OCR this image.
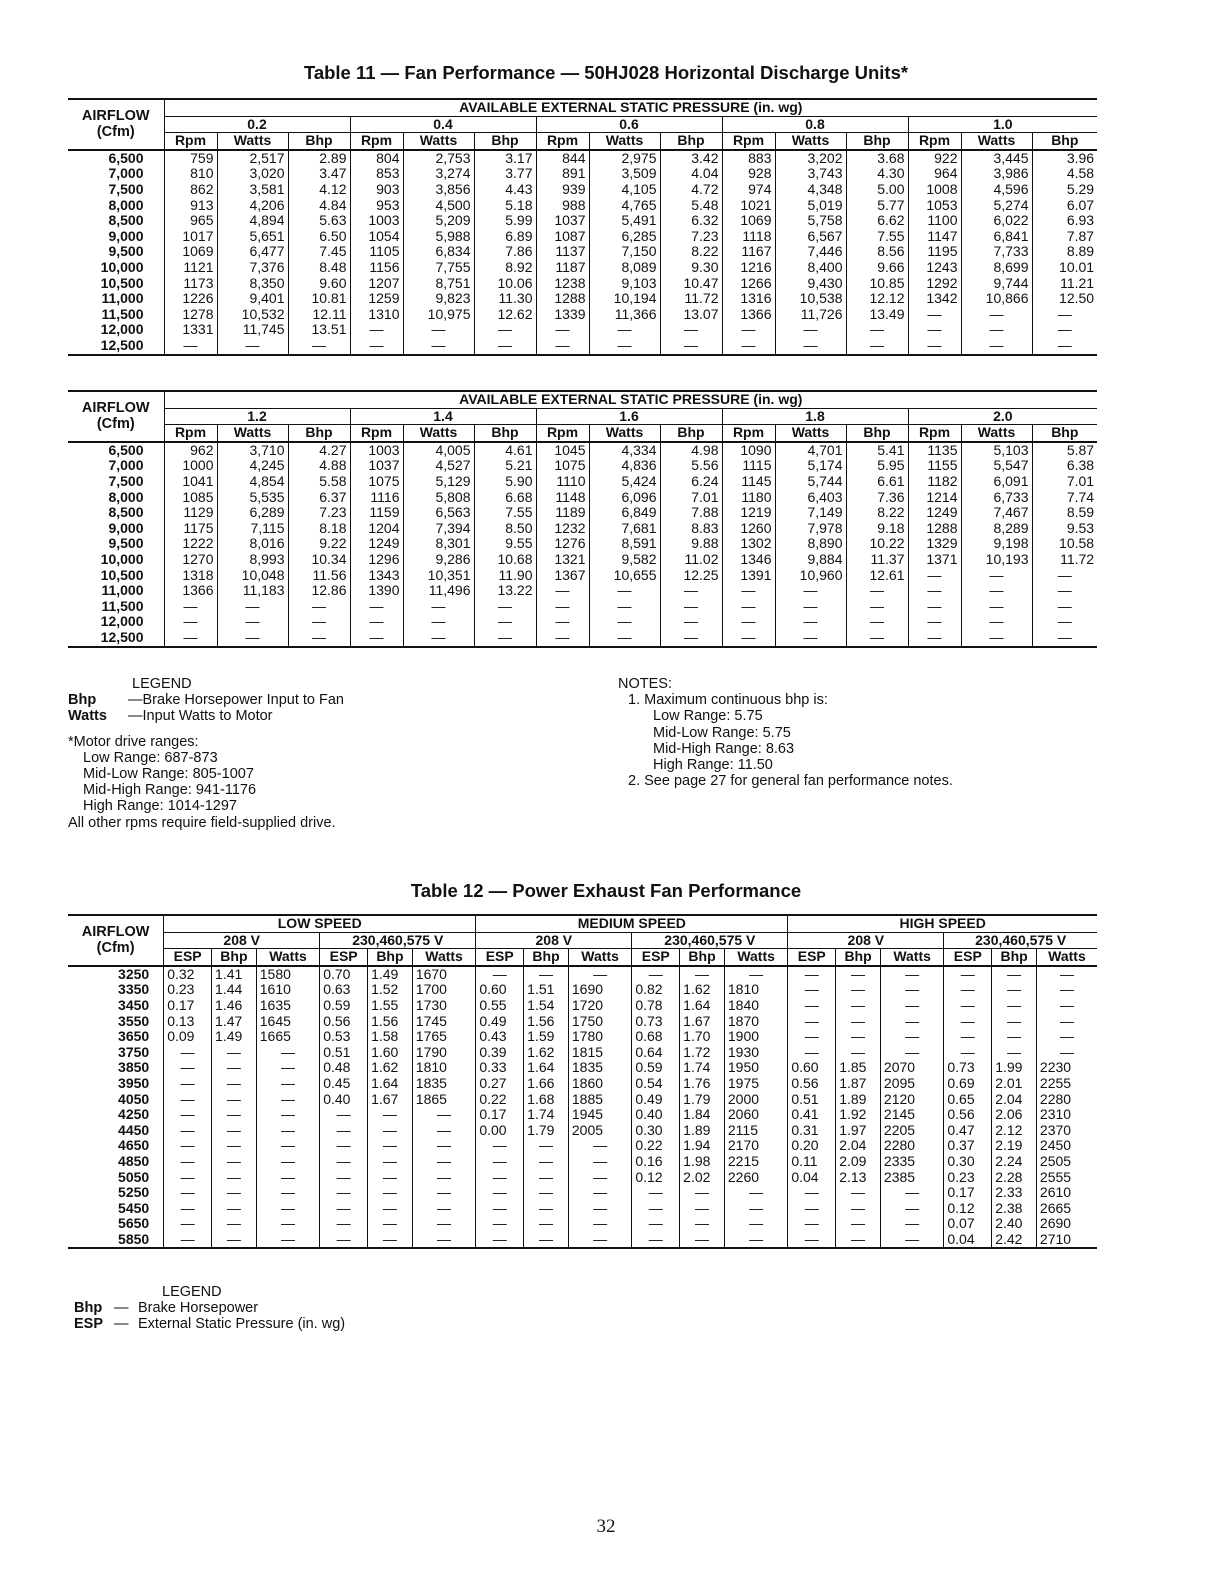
Table 11 — Fan Performance — 50HJ028 Horizontal Discharge Units*
AIRFLOW
(Cfm)	AVAILABLE EXTERNAL STATIC PRESSURE (in. wg)														
	0.2			0.4			0.6			0.8			1.0		
	Rpm	Watts	Bhp	Rpm	Watts	Bhp	Rpm	Watts	Bhp	Rpm	Watts	Bhp	Rpm	Watts	Bhp
6,500	759	2,517	2.89	804	2,753	3.17	844	2,975	3.42	883	3,202	3.68	922	3,445	3.96
7,000	810	3,020	3.47	853	3,274	3.77	891	3,509	4.04	928	3,743	4.30	964	3,986	4.58
7,500	862	3,581	4.12	903	3,856	4.43	939	4,105	4.72	974	4,348	5.00	1008	4,596	5.29
8,000	913	4,206	4.84	953	4,500	5.18	988	4,765	5.48	1021	5,019	5.77	1053	5,274	6.07
8,500	965	4,894	5.63	1003	5,209	5.99	1037	5,491	6.32	1069	5,758	6.62	1100	6,022	6.93
9,000	1017	5,651	6.50	1054	5,988	6.89	1087	6,285	7.23	1118	6,567	7.55	1147	6,841	7.87
9,500	1069	6,477	7.45	1105	6,834	7.86	1137	7,150	8.22	1167	7,446	8.56	1195	7,733	8.89
10,000	1121	7,376	8.48	1156	7,755	8.92	1187	8,089	9.30	1216	8,400	9.66	1243	8,699	10.01
10,500	1173	8,350	9.60	1207	8,751	10.06	1238	9,103	10.47	1266	9,430	10.85	1292	9,744	11.21
11,000	1226	9,401	10.81	1259	9,823	11.30	1288	10,194	11.72	1316	10,538	12.12	1342	10,866	12.50
11,500	1278	10,532	12.11	1310	10,975	12.62	1339	11,366	13.07	1366	11,726	13.49	—	—	—
12,000	1331	11,745	13.51	—	—	—	—	—	—	—	—	—	—	—	—
12,500	—	—	—	—	—	—	—	—	—	—	—	—	—	—	—
AIRFLOW
(Cfm)	AVAILABLE EXTERNAL STATIC PRESSURE (in. wg)														
	1.2			1.4			1.6			1.8			2.0		
	Rpm	Watts	Bhp	Rpm	Watts	Bhp	Rpm	Watts	Bhp	Rpm	Watts	Bhp	Rpm	Watts	Bhp
6,500	962	3,710	4.27	1003	4,005	4.61	1045	4,334	4.98	1090	4,701	5.41	1135	5,103	5.87
7,000	1000	4,245	4.88	1037	4,527	5.21	1075	4,836	5.56	1115	5,174	5.95	1155	5,547	6.38
7,500	1041	4,854	5.58	1075	5,129	5.90	1110	5,424	6.24	1145	5,744	6.61	1182	6,091	7.01
8,000	1085	5,535	6.37	1116	5,808	6.68	1148	6,096	7.01	1180	6,403	7.36	1214	6,733	7.74
8,500	1129	6,289	7.23	1159	6,563	7.55	1189	6,849	7.88	1219	7,149	8.22	1249	7,467	8.59
9,000	1175	7,115	8.18	1204	7,394	8.50	1232	7,681	8.83	1260	7,978	9.18	1288	8,289	9.53
9,500	1222	8,016	9.22	1249	8,301	9.55	1276	8,591	9.88	1302	8,890	10.22	1329	9,198	10.58
10,000	1270	8,993	10.34	1296	9,286	10.68	1321	9,582	11.02	1346	9,884	11.37	1371	10,193	11.72
10,500	1318	10,048	11.56	1343	10,351	11.90	1367	10,655	12.25	1391	10,960	12.61	—	—	—
11,000	1366	11,183	12.86	1390	11,496	13.22	—	—	—	—	—	—	—	—	—
11,500	—	—	—	—	—	—	—	—	—	—	—	—	—	—	—
12,000	—	—	—	—	—	—	—	—	—	—	—	—	—	—	—
12,500	—	—	—	—	—	—	—	—	—	—	—	—	—	—	—
LEGEND
Bhp —Brake Horsepower Input to Fan
Watts —Input Watts to Motor
*Motor drive ranges:
Low Range: 687-873
Mid-Low Range: 805-1007
Mid-High Range: 941-1176
High Range: 1014-1297
All other rpms require field-supplied drive.
NOTES:
1. Maximum continuous bhp is:
Low Range: 5.75
Mid-Low Range: 5.75
Mid-High Range: 8.63
High Range: 11.50
2. See page 27 for general fan performance notes.
Table 12 — Power Exhaust Fan Performance
AIRFLOW
(Cfm)	LOW SPEED						MEDIUM SPEED						HIGH SPEED					
	208 V			230,460,575 V			208 V			230,460,575 V			208 V			230,460,575 V		
	ESP	Bhp	Watts	ESP	Bhp	Watts	ESP	Bhp	Watts	ESP	Bhp	Watts	ESP	Bhp	Watts	ESP	Bhp	Watts
3250	0.32	1.41	1580	0.70	1.49	1670	—	—	—	—	—	—	—	—	—	—	—	—
3350	0.23	1.44	1610	0.63	1.52	1700	0.60	1.51	1690	0.82	1.62	1810	—	—	—	—	—	—
3450	0.17	1.46	1635	0.59	1.55	1730	0.55	1.54	1720	0.78	1.64	1840	—	—	—	—	—	—
3550	0.13	1.47	1645	0.56	1.56	1745	0.49	1.56	1750	0.73	1.67	1870	—	—	—	—	—	—
3650	0.09	1.49	1665	0.53	1.58	1765	0.43	1.59	1780	0.68	1.70	1900	—	—	—	—	—	—
3750	—	—	—	0.51	1.60	1790	0.39	1.62	1815	0.64	1.72	1930	—	—	—	—	—	—
3850	—	—	—	0.48	1.62	1810	0.33	1.64	1835	0.59	1.74	1950	0.60	1.85	2070	0.73	1.99	2230
3950	—	—	—	0.45	1.64	1835	0.27	1.66	1860	0.54	1.76	1975	0.56	1.87	2095	0.69	2.01	2255
4050	—	—	—	0.40	1.67	1865	0.22	1.68	1885	0.49	1.79	2000	0.51	1.89	2120	0.65	2.04	2280
4250	—	—	—	—	—	—	0.17	1.74	1945	0.40	1.84	2060	0.41	1.92	2145	0.56	2.06	2310
4450	—	—	—	—	—	—	0.00	1.79	2005	0.30	1.89	2115	0.31	1.97	2205	0.47	2.12	2370
4650	—	—	—	—	—	—	—	—	—	0.22	1.94	2170	0.20	2.04	2280	0.37	2.19	2450
4850	—	—	—	—	—	—	—	—	—	0.16	1.98	2215	0.11	2.09	2335	0.30	2.24	2505
5050	—	—	—	—	—	—	—	—	—	0.12	2.02	2260	0.04	2.13	2385	0.23	2.28	2555
5250	—	—	—	—	—	—	—	—	—	—	—	—	—	—	—	0.17	2.33	2610
5450	—	—	—	—	—	—	—	—	—	—	—	—	—	—	—	0.12	2.38	2665
5650	—	—	—	—	—	—	—	—	—	—	—	—	—	—	—	0.07	2.40	2690
5850	—	—	—	—	—	—	—	—	—	—	—	—	—	—	—	0.04	2.42	2710
LEGEND
Bhp — Brake Horsepower
ESP — External Static Pressure (in. wg)
32
